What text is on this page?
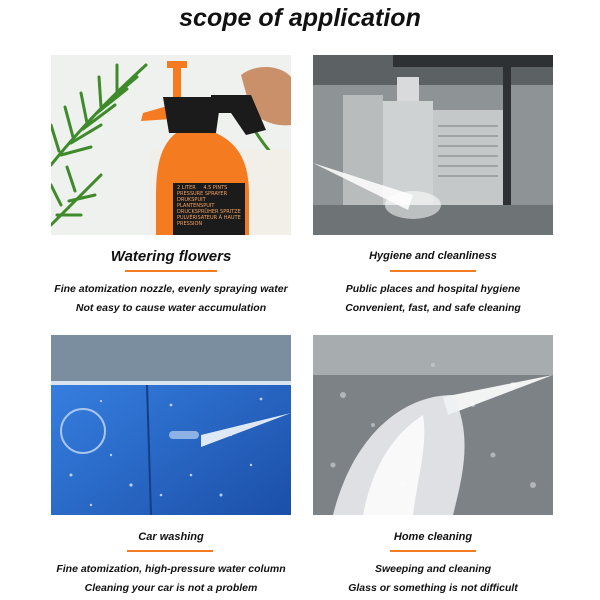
scope of application
2 LITER 4.5 PINTS
PRESSURE SPRAYER
DRUKSPUIT PLANTENSPUIT
DRUCKSPRÜHER SPRITZE
PULVÉRISATEUR À HAUTE
PRESSION
Watering flowers
Fine atomization nozzle, evenly spraying water
Not easy to cause water accumulation
Hygiene and cleanliness
Public places and hospital hygiene
Convenient, fast, and safe cleaning
Car washing
Fine atomization, high-pressure water column
Cleaning your car is not a problem
Home cleaning
Sweeping and cleaning
Glass or something is not difficult
